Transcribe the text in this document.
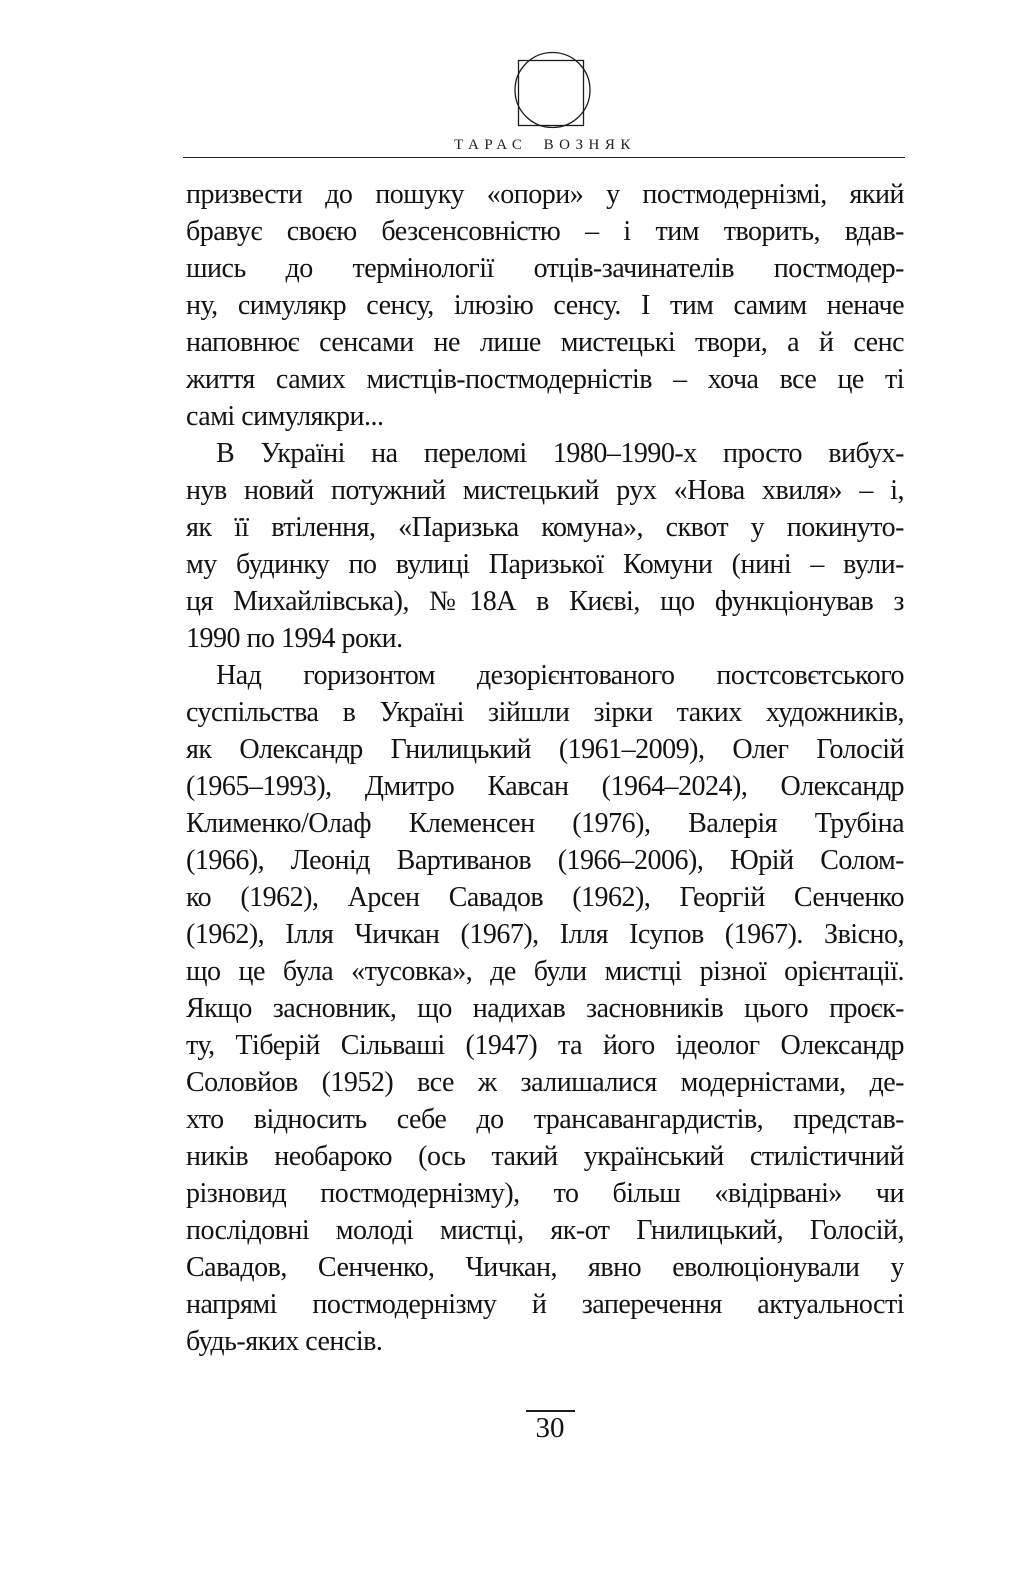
ТАРАС ВОЗНЯК
призвести до пошуку «опори» у постмодернізмі, який
бравує своєю безсенсовністю – і тим творить, вдав-
шись до термінології отців-зачинателів постмодер-
ну, симулякр сенсу, ілюзію сенсу. І тим самим неначе
наповнює сенсами не лише мистецькі твори, а й сенс
життя самих мистців-постмодерністів – хоча все це ті
самі симулякри...
В Україні на переломі 1980–1990-х просто вибух-
нув новий потужний мистецький рух «Нова хвиля» – і,
як її втілення, «Паризька комуна», сквот у покинуто-
му будинку по вулиці Паризької Комуни (нині – вули-
ця Михайлівська), №18А в Києві, що функціонував з
1990 по 1994 роки.
Над горизонтом дезорієнтованого постсовєтського
суспільства в Україні зійшли зірки таких художників,
як Олександр Гнилицький (1961–2009), Олег Голосій
(1965–1993), Дмитро Кавсан (1964–2024), Олександр
Клименко/Олаф Клеменсен (1976), Валерія Трубіна
(1966), Леонід Вартиванов (1966–2006), Юрій Солом-
ко (1962), Арсен Савадов (1962), Георгій Сенченко
(1962), Ілля Чичкан (1967), Ілля Ісупов (1967). Звісно,
що це була «тусовка», де були мистці різної орієнтації.
Якщо засновник, що надихав засновників цього проєк-
ту, Тіберій Сільваші (1947) та його ідеолог Олександр
Соловйов (1952) все ж залишалися модерністами, де-
хто відносить себе до трансавангардистів, представ-
ників необароко (ось такий український стилістичний
різновид постмодернізму), то більш «відірвані» чи
послідовні молоді мистці, як-от Гнилицький, Голосій,
Савадов, Сенченко, Чичкан, явно еволюціонували у
напрямі постмодернізму й заперечення актуальності
будь-яких сенсів.
30
